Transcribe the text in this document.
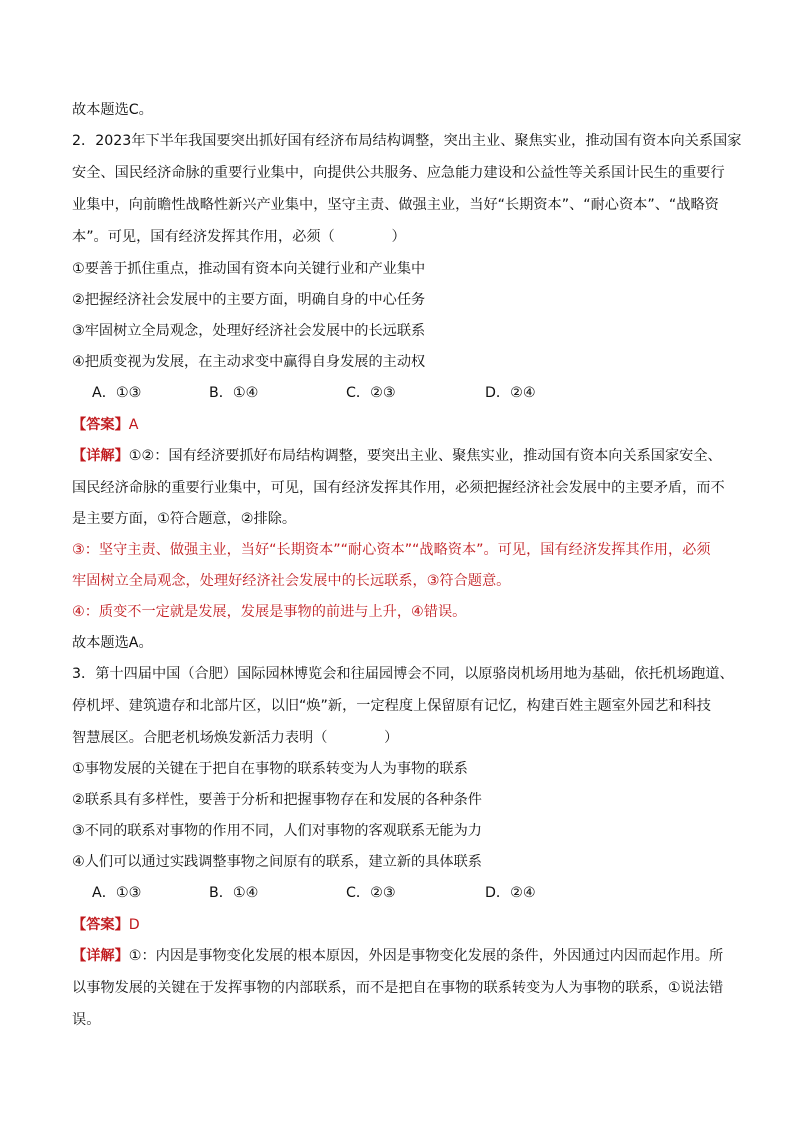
故本题选C。
2．2023年下半年我国要突出抓好国有经济布局结构调整，突出主业、聚焦实业，推动国有资本向关系国家
安全、国民经济命脉的重要行业集中，向提供公共服务、应急能力建设和公益性等关系国计民生的重要行
业集中，向前瞻性战略性新兴产业集中，坚守主责、做强主业，当好“长期资本”、“耐心资本”、“战略资
本”。可见，国有经济发挥其作用，必须（　　　　）
①要善于抓住重点，推动国有资本向关键行业和产业集中
②把握经济社会发展中的主要方面，明确自身的中心任务
③牢固树立全局观念，处理好经济社会发展中的长远联系
④把质变视为发展，在主动求变中赢得自身发展的主动权
A．①③	B．①④	C．②③	D．②④
【答案】A
【详解】①②：国有经济要抓好布局结构调整，要突出主业、聚焦实业，推动国有资本向关系国家安全、
国民经济命脉的重要行业集中，可见，国有经济发挥其作用，必须把握经济社会发展中的主要矛盾，而不
是主要方面，①符合题意，②排除。
③：坚守主责、做强主业，当好“长期资本”“耐心资本”“战略资本”。可见，国有经济发挥其作用，必须
牢固树立全局观念，处理好经济社会发展中的长远联系，③符合题意。
④：质变不一定就是发展，发展是事物的前进与上升，④错误。
故本题选A。
3．第十四届中国（合肥）国际园林博览会和往届园博会不同，以原骆岗机场用地为基础，依托机场跑道、
停机坪、建筑遗存和北部片区，以旧“焕”新，一定程度上保留原有记忆，构建百姓主题室外园艺和科技
智慧展区。合肥老机场焕发新活力表明（　　　　）
①事物发展的关键在于把自在事物的联系转变为人为事物的联系
②联系具有多样性，要善于分析和把握事物存在和发展的各种条件
③不同的联系对事物的作用不同，人们对事物的客观联系无能为力
④人们可以通过实践调整事物之间原有的联系，建立新的具体联系
A．①③	B．①④	C．②③	D．②④
【答案】D
【详解】①：内因是事物变化发展的根本原因，外因是事物变化发展的条件，外因通过内因而起作用。所
以事物发展的关键在于发挥事物的内部联系，而不是把自在事物的联系转变为人为事物的联系，①说法错
误。
